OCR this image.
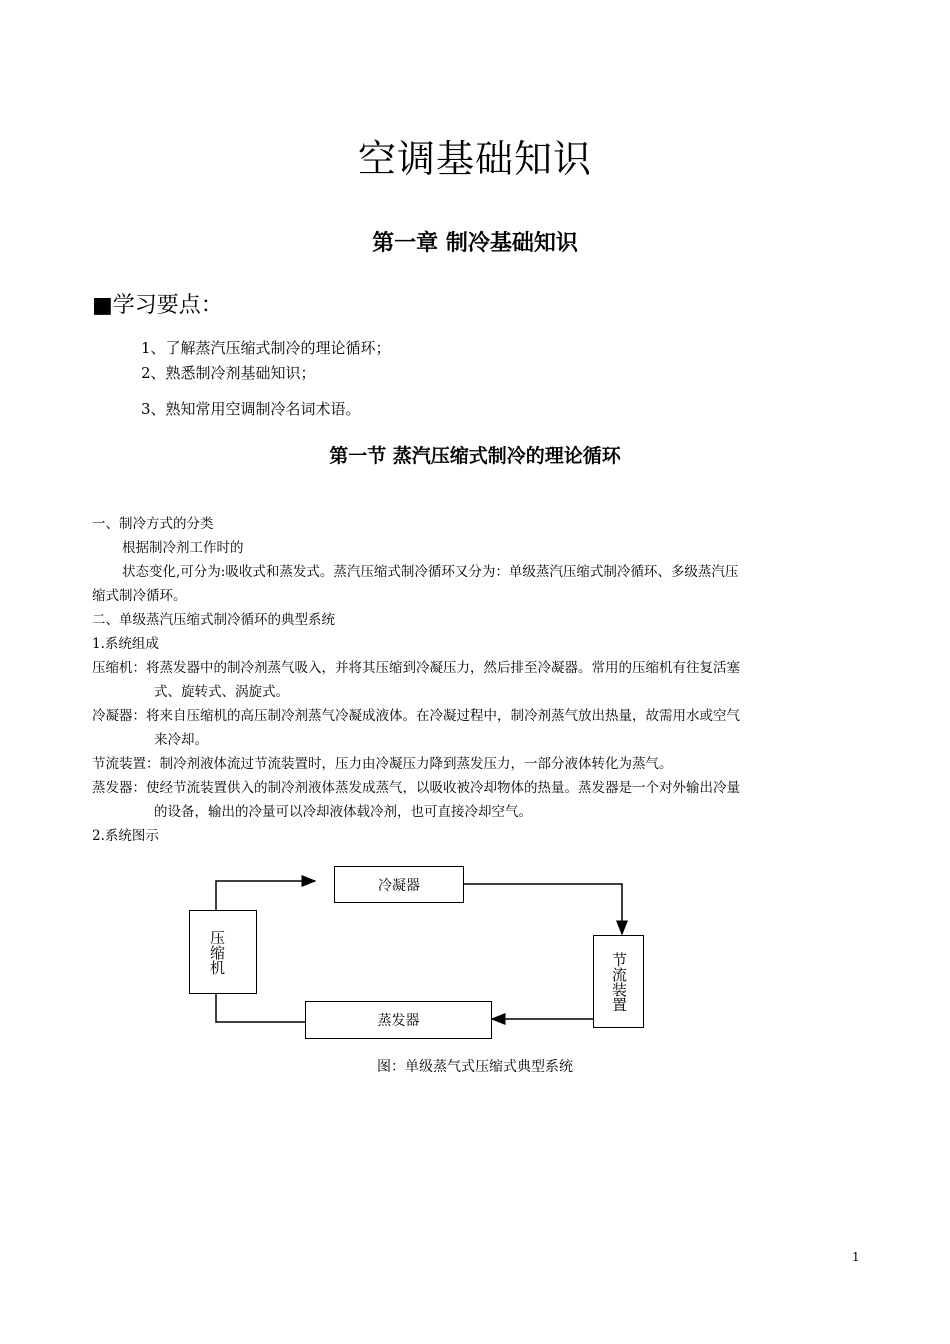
空调基础知识
第一章 制冷基础知识
■学习要点：
1、了解蒸汽压缩式制冷的理论循环；
2、熟悉制冷剂基础知识；
3、熟知常用空调制冷名词术语。
第一节 蒸汽压缩式制冷的理论循环
一、制冷方式的分类
根据制冷剂工作时的
状态变化,可分为:吸收式和蒸发式。蒸汽压缩式制冷循环又分为：单级蒸汽压缩式制冷循环、多级蒸汽压
缩式制冷循环。
二、单级蒸汽压缩式制冷循环的典型系统
1.系统组成
压缩机：将蒸发器中的制冷剂蒸气吸入，并将其压缩到冷凝压力，然后排至冷凝器。常用的压缩机有往复活塞
式、旋转式、涡旋式。
冷凝器：将来自压缩机的高压制冷剂蒸气冷凝成液体。在冷凝过程中，制冷剂蒸气放出热量，故需用水或空气
来冷却。
节流装置：制冷剂液体流过节流装置时，压力由冷凝压力降到蒸发压力，一部分液体转化为蒸气。
蒸发器：使经节流装置供入的制冷剂液体蒸发成蒸气，以吸收被冷却物体的热量。蒸发器是一个对外输出冷量
的设备，输出的冷量可以冷却液体载冷剂，也可直接冷却空气。
2.系统图示
冷凝器
压缩机	节流装置
蒸发器
图：单级蒸气式压缩式典型系统
1
